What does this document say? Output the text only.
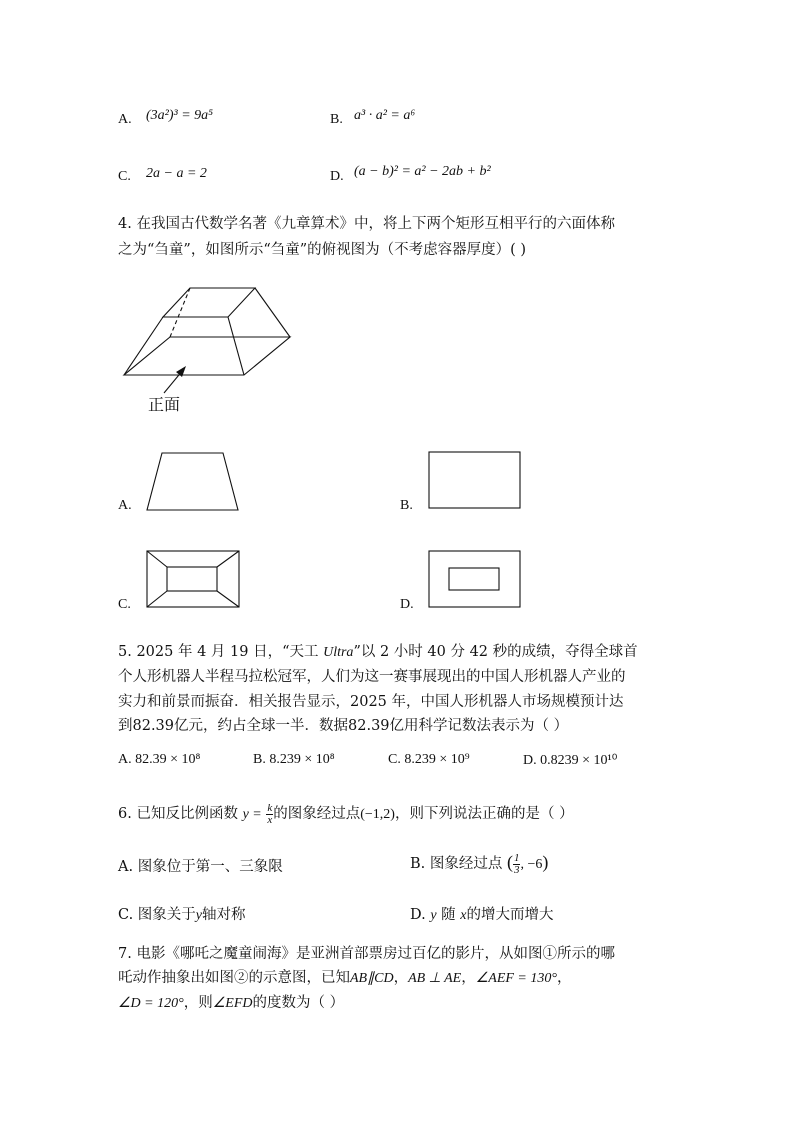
A. (3a²)³ = 9a⁵	B. a³ · a² = a⁶
C. 2a − a = 2	D. (a − b)² = a² − 2ab + b²
4. 在我国古代数学名著《九章算术》中，将上下两个矩形互相平行的六面体称
之为“刍童”，如图所示“刍童”的俯视图为（不考虑容器厚度）( )
正面
A.	B.
C.	D.
5. 2025 年 4 月 19 日，“天工 Ultra”以 2 小时 40 分 42 秒的成绩，夺得全球首
个人形机器人半程马拉松冠军，人们为这一赛事展现出的中国人形机器人产业的
实力和前景而振奋．相关报告显示，2025 年，中国人形机器人市场规模预计达
到82.39亿元，约占全球一半．数据82.39亿用科学记数法表示为（ ）
A. 82.39 × 10⁸	B. 8.239 × 10⁸	C. 8.239 × 10⁹	D. 0.8239 × 10¹⁰
6. 已知反比例函数 $y = \frac{k}{x}$ 的图象经过点(−1,2)，则下列说法正确的是（ ）
A. 图象位于第一、三象限	B. 图象经过点 ( $\frac{1}{3}$ , −6)
C. 图象关于y轴对称	D. y 随 x的增大而增大
7. 电影《哪吒之魔童闹海》是亚洲首部票房过百亿的影片，从如图①所示的哪
吒动作抽象出如图②的示意图，已知AB∥CD，AB ⊥ AE，∠AEF = 130°，
∠D = 120°，则∠EFD的度数为（ ）
